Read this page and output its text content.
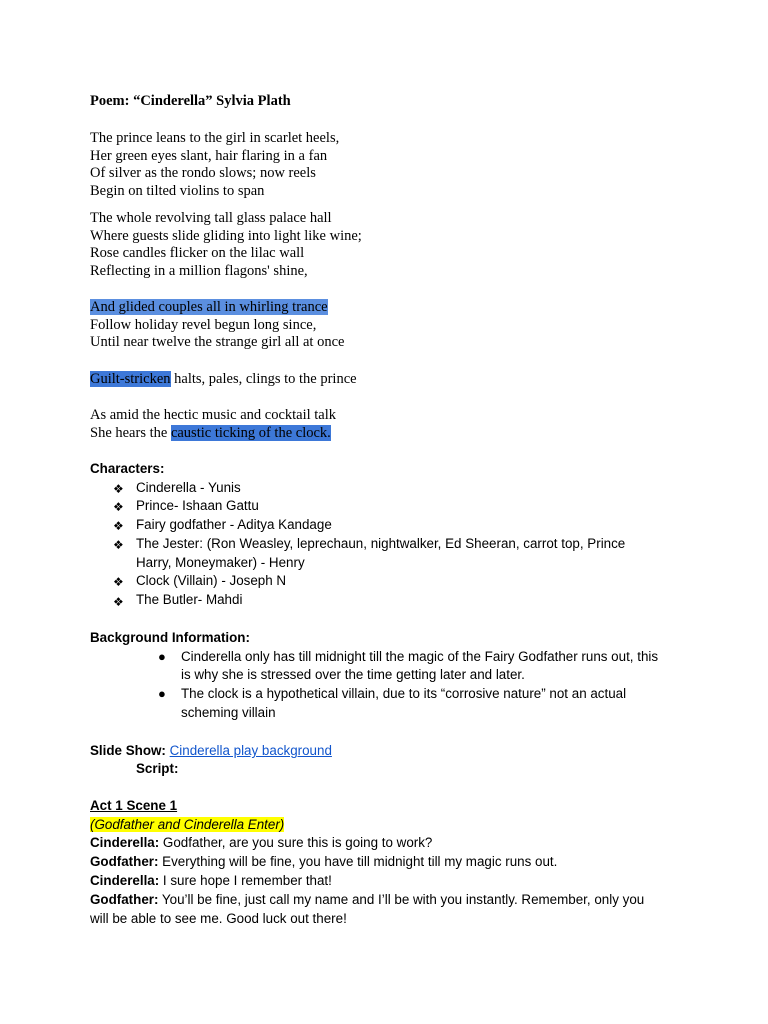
Poem: “Cinderella” Sylvia Plath
The prince leans to the girl in scarlet heels,
Her green eyes slant, hair flaring in a fan
Of silver as the rondo slows; now reels
Begin on tilted violins to span
The whole revolving tall glass palace hall
Where guests slide gliding into light like wine;
Rose candles flicker on the lilac wall
Reflecting in a million flagons' shine,
And glided couples all in whirling trance
Follow holiday revel begun long since,
Until near twelve the strange girl all at once
Guilt-stricken halts, pales, clings to the prince
As amid the hectic music and cocktail talk
She hears the caustic ticking of the clock.
Characters:
❖ Cinderella - Yunis
❖ Prince- Ishaan Gattu
❖ Fairy godfather - Aditya Kandage
❖ The Jester: (Ron Weasley, leprechaun, nightwalker, Ed Sheeran, carrot top, Prince
Harry, Moneymaker) - Henry
❖ Clock (Villain) - Joseph N
❖ The Butler- Mahdi
Background Information:
● Cinderella only has till midnight till the magic of the Fairy Godfather runs out, this
is why she is stressed over the time getting later and later.
● The clock is a hypothetical villain, due to its “corrosive nature” not an actual
scheming villain
Slide Show: Cinderella play background
Script:
Act 1 Scene 1
(Godfather and Cinderella Enter)
Cinderella: Godfather, are you sure this is going to work?
Godfather: Everything will be fine, you have till midnight till my magic runs out.
Cinderella: I sure hope I remember that!
Godfather: You’ll be fine, just call my name and I’ll be with you instantly. Remember, only you
will be able to see me. Good luck out there!
